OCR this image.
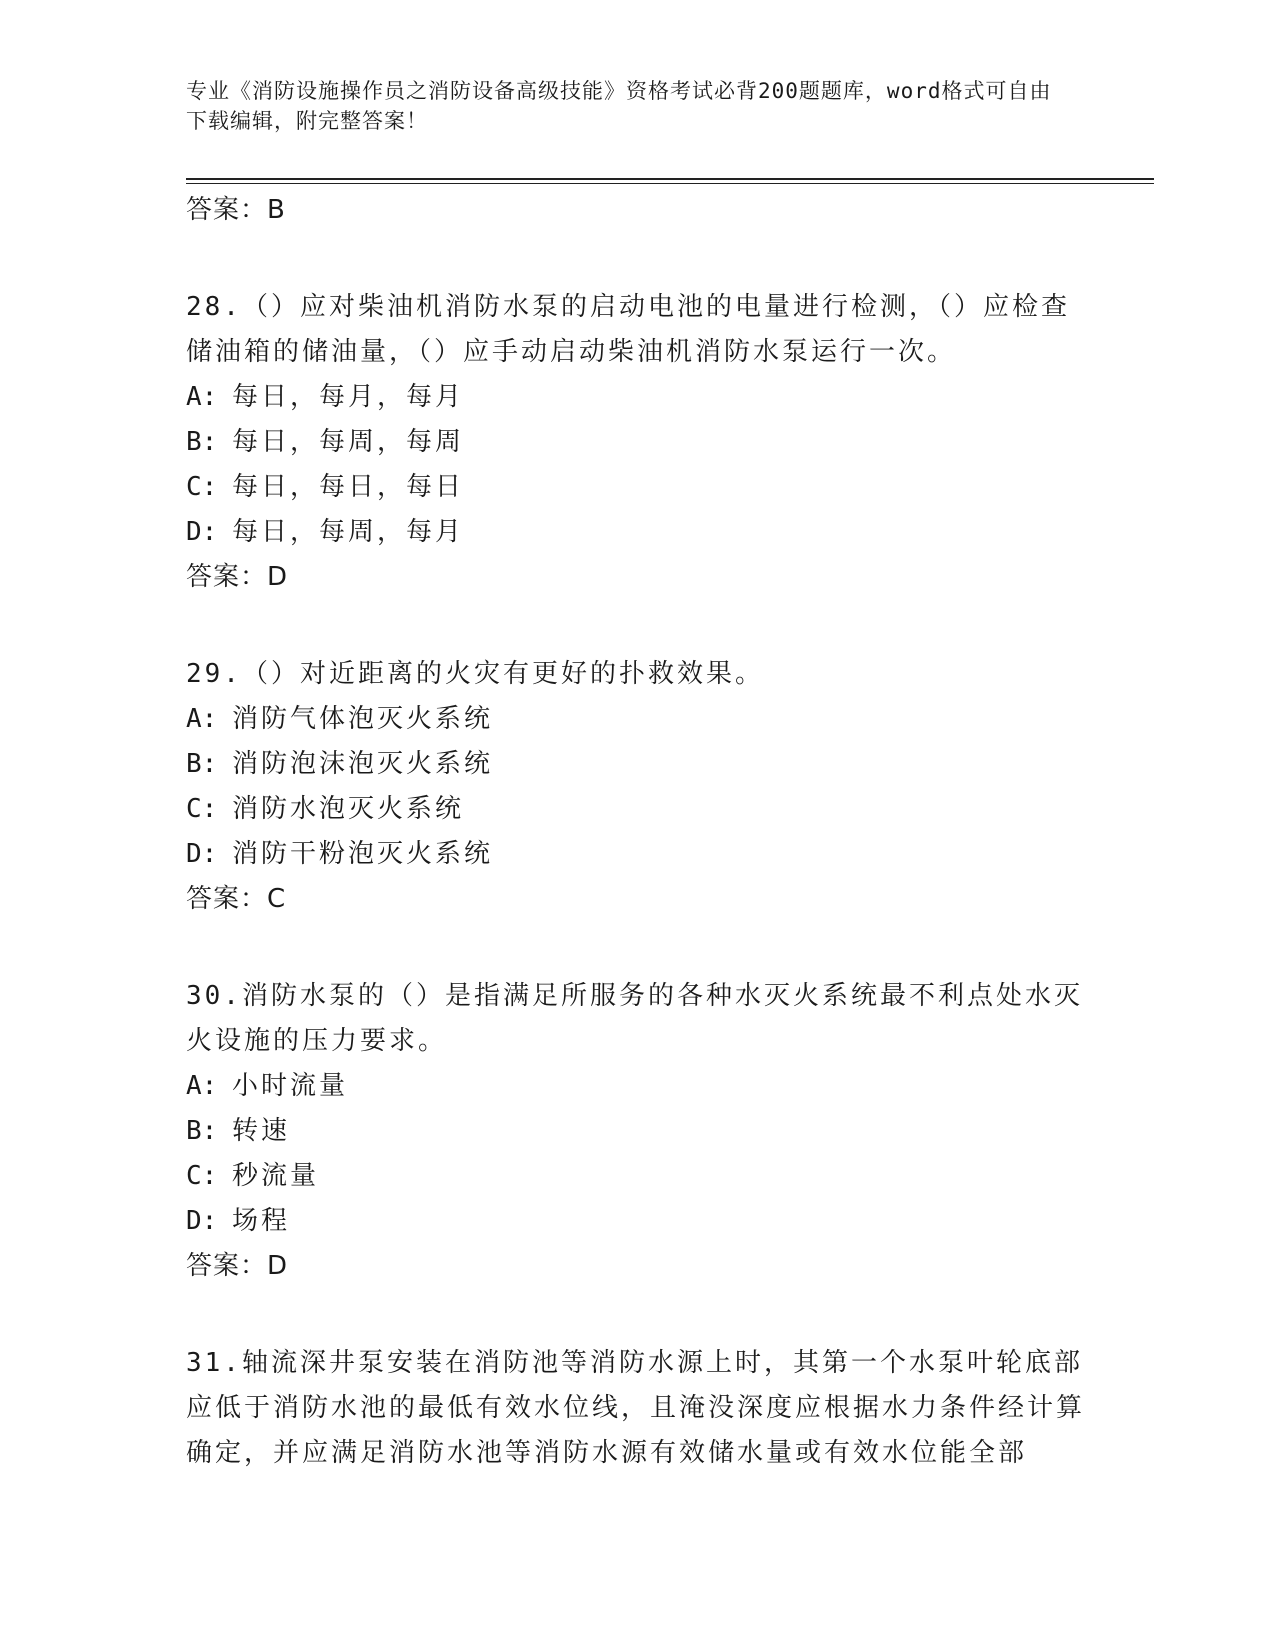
专业《消防设施操作员之消防设备高级技能》资格考试必背200题题库，word格式可自由下载编辑，附完整答案！
答案：B
28.（）应对柴油机消防水泵的启动电池的电量进行检测，（）应检查储油箱的储油量，（）应手动启动柴油机消防水泵运行一次。
A: 每日，每月，每月
B: 每日，每周，每周
C: 每日，每日，每日
D: 每日，每周，每月
答案：D
29.（）对近距离的火灾有更好的扑救效果。
A: 消防气体泡灭火系统
B: 消防泡沫泡灭火系统
C: 消防水泡灭火系统
D: 消防干粉泡灭火系统
答案：C
30.消防水泵的（）是指满足所服务的各种水灭火系统最不利点处水灭火设施的压力要求。
A: 小时流量
B: 转速
C: 秒流量
D: 场程
答案：D
31.轴流深井泵安装在消防池等消防水源上时，其第一个水泵叶轮底部应低于消防水池的最低有效水位线，且淹没深度应根据水力条件经计算确定，并应满足消防水池等消防水源有效储水量或有效水位能全部
